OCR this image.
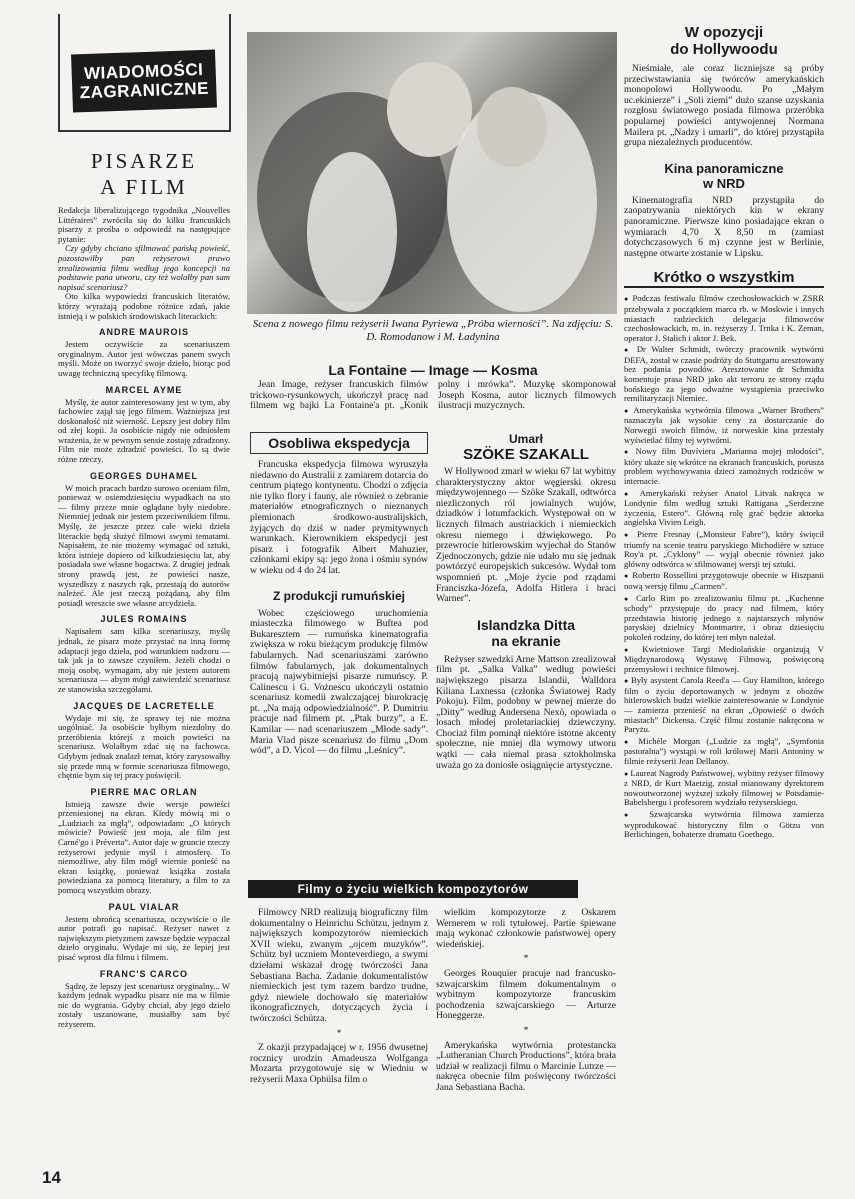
WIADOMOŚCI ZAGRANICZNE
PISARZE
A FILM

Redakcja liberalizującego tygodnika „Nouvelles Littéraires” zwróciła się do kilku francuskich pisarzy z prośba o odpowiedź na następujące pytanie:

Czy gdyby chciano sfilmować pańską powieść, pozostawiłby pan reżyserowi prawo zrealizowania filmu według jego koncepcji na podstawie pana utworu, czy też wolałby pan sam napisać scenariusz?

Oto kilka wypowiedzi francuskich literatów, którzy wyrażają podobne różnice zdań, jakie istnieją i w polskich środowiskach literackich:

ANDRE MAUROIS

Jestem oczywiście za scenariuszem oryginalnym. Autor jest wówczas panem swych myśli. Może on tworzyć swoje dzieło, biorąc pod uwagę techniczną specyfikę filmową.

MARCEL AYME

Myślę, że autor zainteresowany jest w tym, aby fachowiec zajął się jego filmem. Ważniejsza jest doskonałość niż wierność. Lepszy jest dobry film od złej kopii. Ja osobiście nigdy nie odniosłem wrażenia, że w pewnym sensie zostaję zdradzony. Film nie może zdradzić powieści. To są dwie różne rzeczy.

GEORGES DUHAMEL

W moich pracach bardzo surowo oceniam film, ponieważ w osiemdziesięciu wypadkach na sto — filmy przeze mnie oglądane były niedobre. Niemniej jednak nie jestem przeciwnikiem filmu. Myślę, że jeszcze przez całe wieki dzieła literackie będą służyć filmowi swymi tematami. Napisałem, że nie możemy wymagać od sztuki, która istnieje dopiero od kilkudziesięciu lat, aby posiadała swe własne bogactwa. Z drugiej jednak strony prawdą jest, że powieści nasze, wyszedłszy z naszych rąk, przestają do autorów należeć. Ale jest rzeczą pożądaną, aby film posiadł wreszcie swe własne arcydzieła.

JULES ROMAINS

Napisałem sam kilka scenariuszy, myślę jednak, że pisarz może przystać na inną formę adaptacji jego dzieła, pod warunkiem nadzoru — tak jak ja to zawsze czyniłem. Jeżeli chodzi o moją osobę, wymagam, aby nie jestem autorem scenariusza — abym mógł zatwierdzić scenariusz ze stanowiska szczegółami.

JACQUES DE LACRETELLE

Wydaje mi się, że sprawy tej nie można uogólniać. Ja osobiście byłbym niezdolny do przeróbienia którejś z moich powieści na scenariusz. Wolałbym zdać się na fachowca. Gdybym jednak znalazł temat, który zarysowałby się przede mną w formie scenariusza filmowego, chętnie bym się tej pracy poświęcił.

PIERRE MAC ORLAN

Istnieją zawsze dwie wersje powieści przeniesionej na ekran. Kiedy mówią mi o „Ludziach za mgłą”, odpowiadam: „O których mówicie? Powieść jest moja, ale film jest Carné'go i Préverta”. Autor daje w gruncie rzeczy reżyserowi jedynie myśl i atmosferę. To niemożliwe, aby film mógł wiernie ponieść na ekran książkę, ponieważ książka została powiedziana za pomocą literatury, a film to za pomocą wszystkim obrazy.

PAUL VIALAR

Jestem obrońcą scenariusza, oczywiście o ile autor potrafi go napisać. Reżyser nawet z największym pietyzmem zawsze będzie wypaczał dzieło oryginału. Wydaje mi się, że lepiej jest pisać wprost dla filmu i filmem.

FRANC'S CARCO

Sądzę, że lepszy jest scenariusz oryginalny... W każdym jednak wypadku pisarz nie ma w filmie nic do wygrania. Gdyby chciał, aby jego dzieło zostały uszanowane, musiałby sam być reżyserem.

14

Scena z nowego filmu reżyserii Iwana Pyriewa „Próba wierności”. Na zdjęciu: S. D. Romodanow i M. Ładynina

La Fontaine — Image — Kosma

Jean Image, reżyser francuskich filmów trickowo-rysunkowych, ukończył pracę nad filmem wg bajki La Fontaine'a pt. „Konik polny i mrówka”. Muzykę skomponował Joseph Kosma, autor licznych filmowych ilustracji muzycznych.

Osobliwa ekspedycja

Francuska ekspedycja filmowa wyruszyła niedawno do Australii z zamiarem dotarcia do centrum piątego kontynentu. Chodzi o zdjęcia nie tylko flory i fauny, ale również o zebranie materiałów etnograficznych o nieznanych plemionach środkowo-australijskich, żyjących do dziś w nader prymitywnych warunkach. Kierownikiem ekspedycji jest pisarz i fotografik Albert Mahuzier, członkami ekipy są: jego żona i ośmiu synów w wieku od 4 do 24 lat.

Z produkcji rumuńskiej

Wobec częściowego uruchomienia miasteczka filmowego w Buftea pod Bukaresztem — rumuńska kinematografia zwiększa w roku bieżącym produkcję filmów fabularnych. Nad scenariuszami zarówno filmów fabularnych, jak dokumentalnych pracują najwybitniejsi pisarze rumuńscy. P. Calinescu i G. Vożnescu ukończyli ostatnio scenariusz komedii zwalczającej biurokrację pt. „Na mają odpowiedzialność”. P. Dumitriu pracuje nad filmem pt. „Ptak burzy”, a E. Kamilar — nad scenariuszem „Młode sady”. Maria Vlad pisze scenariusz do filmu „Dom wód”, a D. Vicol — do filmu „Leśnicy”.

Umarł
SZÖKE SZAKALL

W Hollywood zmarł w wieku 67 lat wybitny charakterystyczny aktor węgierski okresu międzywojennego — Szöke Szakall, odtwórca niezliczonych ról jowialnych wujów, dziadków i lotumfackich. Występował on w licznych filmach austriackich i niemieckich okresu niemego i dźwiękowego. Po przewrocie hitlerowskim wyjechał do Stanów Zjednoczonych, gdzie nie udało mu się jednak powtórzyć europejskich sukcesów. Wydał tom wspomnień pt. „Moje życie pod rządami Franciszka-Józefa, Adolfa Hitlera i braci Warner”.

Islandzka Ditta
na ekranie

Reżyser szwedzki Arne Mattson zrealizował film pt. „Salka Valka” według powieści największego pisarza Islandii, Walldora Kiliana Laxnessa (członka Światowej Rady Pokoju). Film, podobny w pewnej mierze do „Ditty” według Andersena Nexö, opowiada o losach młodej proletariackiej dziewczyny. Chociaż film pominął niektóre istotne akcenty społeczne, nie mniej dla wymowy utworu wątki — cała niemal prasa sztokholmska uważa go za doniosłe osiągnięcie artystyczne.

Filmy o życiu wielkich kompozytorów

Filmowcy NRD realizują biograficzny film dokumentalny o Heinrichu Schützu, jednym z największych kompozytorów niemieckich XVII wieku, zwanym „ojcem muzyków”. Schütz był uczniem Monteverdiego, a swymi dziełami wskazał drogę twórczości Jana Sebastiana Bacha. Zadanie dokumentalistów niemieckich jest tym razem bardzo trudne, gdyż niewiele dochowało się materiałów ikonograficznych, dotyczących życia i twórczości Schütza.

*

Z okazji przypadającej w r. 1956 dwusetnej rocznicy urodzin Amadeusza Wolfganga Mozarta przygotowuje się w Wiedniu w reżyserii Maxa Ophülsa film o

wielkim kompozytorze z Oskarem Wernerem w roli tytułowej. Partie śpiewane mają wykonać członkowie państwowej opery wiedeńskiej.

*

Georges Rouquier pracuje nad francusko-szwajcarskim filmem dokumentalnym o wybitnym kompozytorze francuskim pochodzenia szwajcarskiego — Arturze Honeggerze.

*

Amerykańska wytwórnia protestancka „Lutheranian Church Productions”, która brała udział w realizacji filmu o Marcinie Lutrze — nakręca obecnie film poświęcony twórczości Jana Sebastiana Bacha.

W opozycji
do Hollywoodu

Nieśmiałe, ale coraz liczniejsze są próby przeciwstawiania się twórców amerykańskich monopolowi Hollywoodu. Po „Małym uc.ekinierze” i „Soli ziemi” dużo szanse uzyskania rozgłosu światowego posiada filmowa przeróbka popularnej powieści antywojennej Normana Mailera pt. „Nadzy i umarli”, do której przystąpiła grupa niezależnych producentów.

Kina panoramiczne
w NRD

Kinematografia NRD przystąpiła do zaopatrywania niektórych kin w ekrany panoramiczne. Pierwsze kino posiadające ekran o wymiarach 4,70 X 8,50 m (zamiast dotychczasowych 6 m) czynne jest w Berlinie, następne otwarte zostanie w Lipsku.

Krótko o wszystkim

● Podczas festiwalu filmów czechosłowackich w ZSRR przebywała z początkiem marca rb. w Moskwie i innych miastach radzieckich delegacja filmowców czechosłowackich, m. in. reżyserzy J. Trnka i K. Zeman, operator J. Stalich i aktor J. Bek.

● Dr Walter Schmidt, twórczy pracownik wytwórni DEFA, został w czasie podróży do Stuttgartu aresztowany bez podania powodów. Aresztowanie dr Schmidta komentuje prasa NRD jako akt terroru ze strony rządu bońskiego za jego odważne wystąpienia przeciwko remilitaryzacji Niemiec.

● Amerykańska wytwórnia filmowa „Warner Brothers” naznaczyła jak wysokie ceny za dostarczanie do Norwegii swoich filmów, iż norweskie kina przestały wyświetlać filmy tej wytwórni.

● Nowy film Duvíviera „Marianna mojej młodości”, który ukaże się wkrótce na ekranach francuskich, porusza problem wychowywania dzieci zamożnych rodziców w internacie.

● Amerykański reżyser Anatol Litvak nakręca w Londynie film według sztuki Rattigana „Serdeczne życzenia, Estero”. Główną rolę grać będzie aktorka angielska Vivien Leigh.

● Pierre Fresnay („Monsieur Fabre”), który święcił triumfy na scenie teatru paryskiego Michodière w sztuce Roy'a pt. „Cyklony” — wyjął obecnie również jako główny odtwórca w sfilmowanej wersji tej sztuki.

● Roberto Rossellini przygotowuje obecnie w Hiszpanii nową wersję filmu „Carmen”.

● Carlo Rim po zrealizowaniu filmu pt. „Kuchenne schody” przystępuje do pracy nad filmem, który przedstawia historię jednego z najstarszych młynów paryskiej dzielnicy Montmartre, i obraz dziesięciu pokoleń rodziny, do której ten młyn należał.

● Kwietniowe Targi Mediolańskie organizują V Międzynarodową Wystawę Filmową, poświęconą przemysłowi i technice filmowej.

● Były asystent Carola Reed'a — Guy Hamilton, którego film o życiu deportowanych w jednym z obozów hitlerowskich budzi wielkie zainteresowanie w Londynie — zamierza przenieść na ekran „Opowieść o dwóch miastach” Dickensa. Część filmu zostanie nakręcona w Paryżu.

● Michèle Morgan („Ludzie za mgłą”, „Symfonia pastoralna”) wystąpi w roli królowej Marii Antoniny w filmie reżyserii Jean Dellanoy.

● Laureat Nagrody Państwowej, wybitny reżyser filmowy z NRD, dr Kurt Maetzig, został mianowany dyrektorem nowoutworzonej wyższej szkoły filmowej w Potsdamie-Babelsbergu i profesorem wydziału reżyserskiego.

● Szwajcarska wytwórnia filmowa zamierza wyprodukować historyczny film o Götzu von Berlichingen, bohaterze dramatu Goethego.
